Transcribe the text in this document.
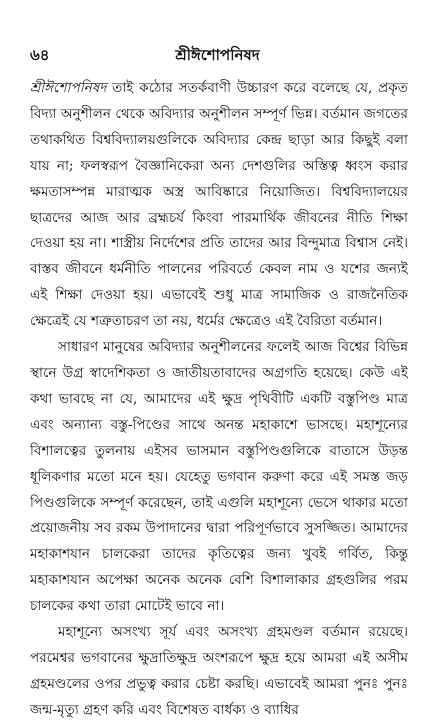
৬৪	শ্রীঈশোপনিষদ

শ্রীঈশোপনিষদ তাই কঠোর সতর্কবাণী উচ্চারণ করে বলেছে যে, প্রকৃত বিদ্যা অনুশীলন থেকে অবিদ্যার অনুশীলন সম্পূর্ণ ভিন্ন। বর্তমান জগতের তথাকথিত বিশ্ববিদ্যালয়গুলিকে অবিদ্যার কেন্দ্র ছাড়া আর কিছুই বলা যায় না; ফলস্বরূপ বৈজ্ঞানিকেরা অন্য দেশগুলির অস্তিত্ব ধ্বংস করার ক্ষমতাসম্পন্ন মারাত্মক অস্ত্র আবিষ্কারে নিয়োজিত। বিশ্ববিদ্যালয়ের ছাত্রদের আজ আর ব্রহ্মচর্য কিংবা পারমার্থিক জীবনের নীতি শিক্ষা দেওয়া হয় না। শাস্ত্রীয় নির্দেশের প্রতি তাদের আর বিন্দুমাত্র বিশ্বাস নেই। বাস্তব জীবনে ধর্মনীতি পালনের পরিবর্তে কেবল নাম ও যশের জন্যই এই শিক্ষা দেওয়া হয়। এভাবেই শুধু মাত্র সামাজিক ও রাজনৈতিক ক্ষেত্রেই যে শত্রুতাচরণ তা নয়, ধর্মের ক্ষেত্রেও এই বৈরিতা বর্তমান।

সাধারণ মানুষের অবিদ্যার অনুশীলনের ফলেই আজ বিশ্বের বিভিন্ন স্থানে উগ্র স্বাদেশিকতা ও জাতীয়তাবাদের অগ্রগতি হয়েছে। কেউ এই কথা ভাবছে না যে, আমাদের এই ক্ষুদ্র পৃথিবীটি একটি বস্তুপিণ্ড মাত্র এবং অন্যান্য বস্তু-পিণ্ডের সাথে অনন্ত মহাকাশে ভাসছে। মহাশূন্যের বিশালত্বের তুলনায় এইসব ভাসমান বস্তুপিণ্ডগুলিকে বাতাসে উড়ন্ত ধূলিকণার মতো মনে হয়। যেহেতু ভগবান করুণা করে এই সমস্ত জড় পিণ্ডগুলিকে সম্পূর্ণ করেছেন, তাই এগুলি মহাশূন্যে ভেসে থাকার মতো প্রয়োজনীয় সব রকম উপাদানের দ্বারা পরিপূর্ণভাবে সুসজ্জিত। আমাদের মহাকাশযান চালকেরা তাদের কৃতিত্বের জন্য খুবই গর্বিত, কিন্তু মহাকাশযান অপেক্ষা অনেক অনেক বেশি বিশালাকার গ্রহগুলির পরম চালকের কথা তারা মোটেই ভাবে না।

মহাশূন্যে অসংখ্য সূর্য এবং অসংখ্য গ্রহমণ্ডল বর্তমান রয়েছে। পরমেশ্বর ভগবানের ক্ষুদ্রাতিক্ষুদ্র অংশরূপে ক্ষুদ্র হয়ে আমরা এই অসীম গ্রহমণ্ডলের ওপর প্রভুত্ব করার চেষ্টা করছি। এভাবেই আমরা পুনঃ পুনঃ জন্ম-মৃত্যু গ্রহণ করি এবং বিশেষত বার্ধক্য ও ব্যাধির
